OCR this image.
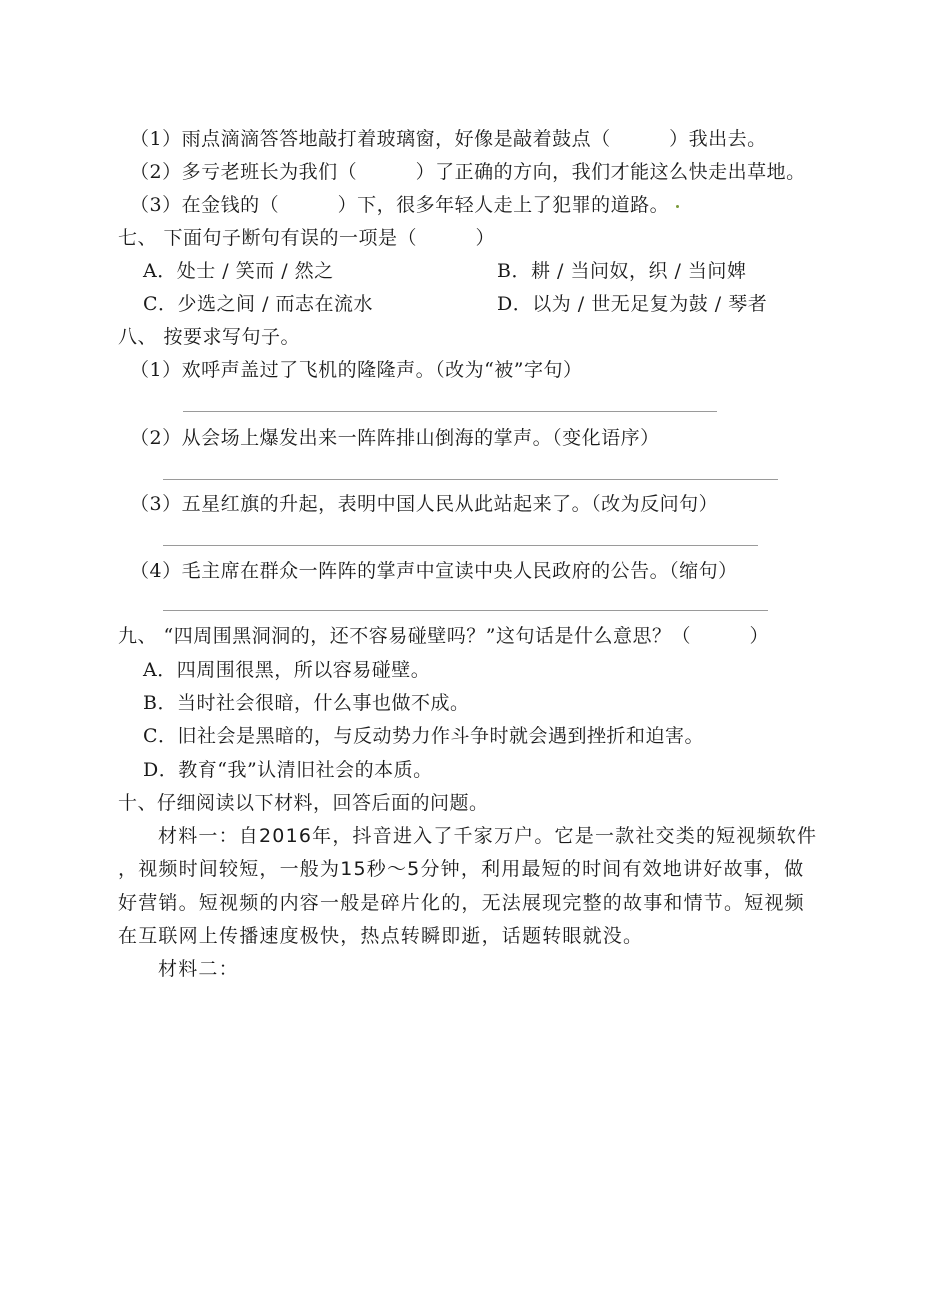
（1）雨点滴滴答答地敲打着玻璃窗，好像是敲着鼓点（　　　）我出去。
（2）多亏老班长为我们（　　　）了正确的方向，我们才能这么快走出草地。
（3）在金钱的（　　　）下，很多年轻人走上了犯罪的道路。
七、 下面句子断句有误的一项是（　　　）
A．处士 / 笑而 / 然之	B．耕 / 当问奴，织 / 当问婢
C．少选之间 / 而志在流水	D．以为 / 世无足复为鼓 / 琴者
八、 按要求写句子。
（1）欢呼声盖过了飞机的隆隆声。（改为“被”字句）
（2）从会场上爆发出来一阵阵排山倒海的掌声。（变化语序）
（3）五星红旗的升起，表明中国人民从此站起来了。（改为反问句）
（4）毛主席在群众一阵阵的掌声中宣读中央人民政府的公告。（缩句）
九、 “四周围黑洞洞的，还不容易碰壁吗？”这句话是什么意思？（　　　）
A．四周围很黑，所以容易碰壁。
B．当时社会很暗，什么事也做不成。
C．旧社会是黑暗的，与反动势力作斗争时就会遇到挫折和迫害。
D．教育“我”认清旧社会的本质。
十、仔细阅读以下材料，回答后面的问题。
材料一：自2016年，抖音进入了千家万户。它是一款社交类的短视频软件
，视频时间较短，一般为15秒～5分钟，利用最短的时间有效地讲好故事，做
好营销。短视频的内容一般是碎片化的，无法展现完整的故事和情节。短视频
在互联网上传播速度极快，热点转瞬即逝，话题转眼就没。
材料二：
